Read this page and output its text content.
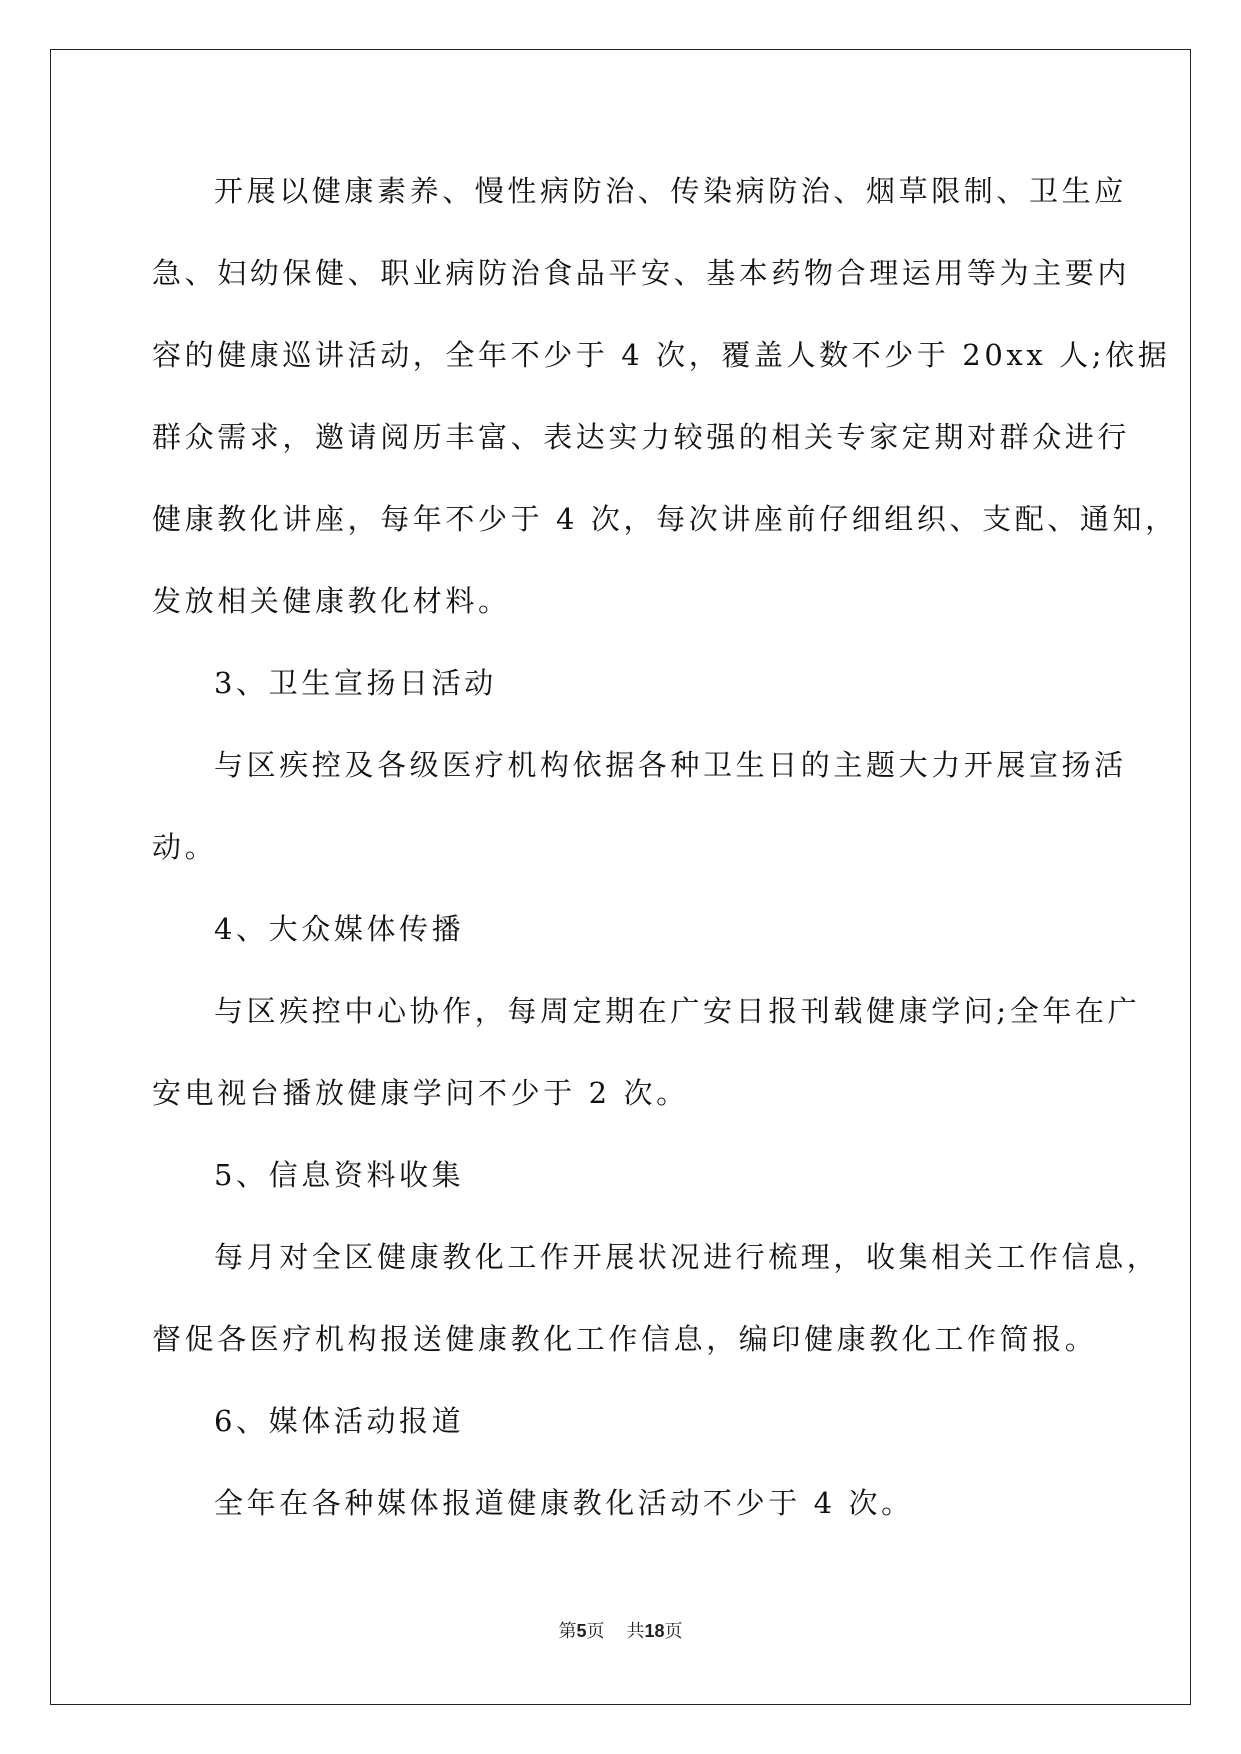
开展以健康素养、慢性病防治、传染病防治、烟草限制、卫生应
急、妇幼保健、职业病防治食品平安、基本药物合理运用等为主要内
容的健康巡讲活动，全年不少于 4 次，覆盖人数不少于 20xx 人;依据
群众需求，邀请阅历丰富、表达实力较强的相关专家定期对群众进行
健康教化讲座，每年不少于 4 次，每次讲座前仔细组织、支配、通知，
发放相关健康教化材料。
3、卫生宣扬日活动
与区疾控及各级医疗机构依据各种卫生日的主题大力开展宣扬活
动。
4、大众媒体传播
与区疾控中心协作，每周定期在广安日报刊载健康学问;全年在广
安电视台播放健康学问不少于 2 次。
5、信息资料收集
每月对全区健康教化工作开展状况进行梳理，收集相关工作信息，
督促各医疗机构报送健康教化工作信息，编印健康教化工作简报。
6、媒体活动报道
全年在各种媒体报道健康教化活动不少于 4 次。
第5页 共18页
